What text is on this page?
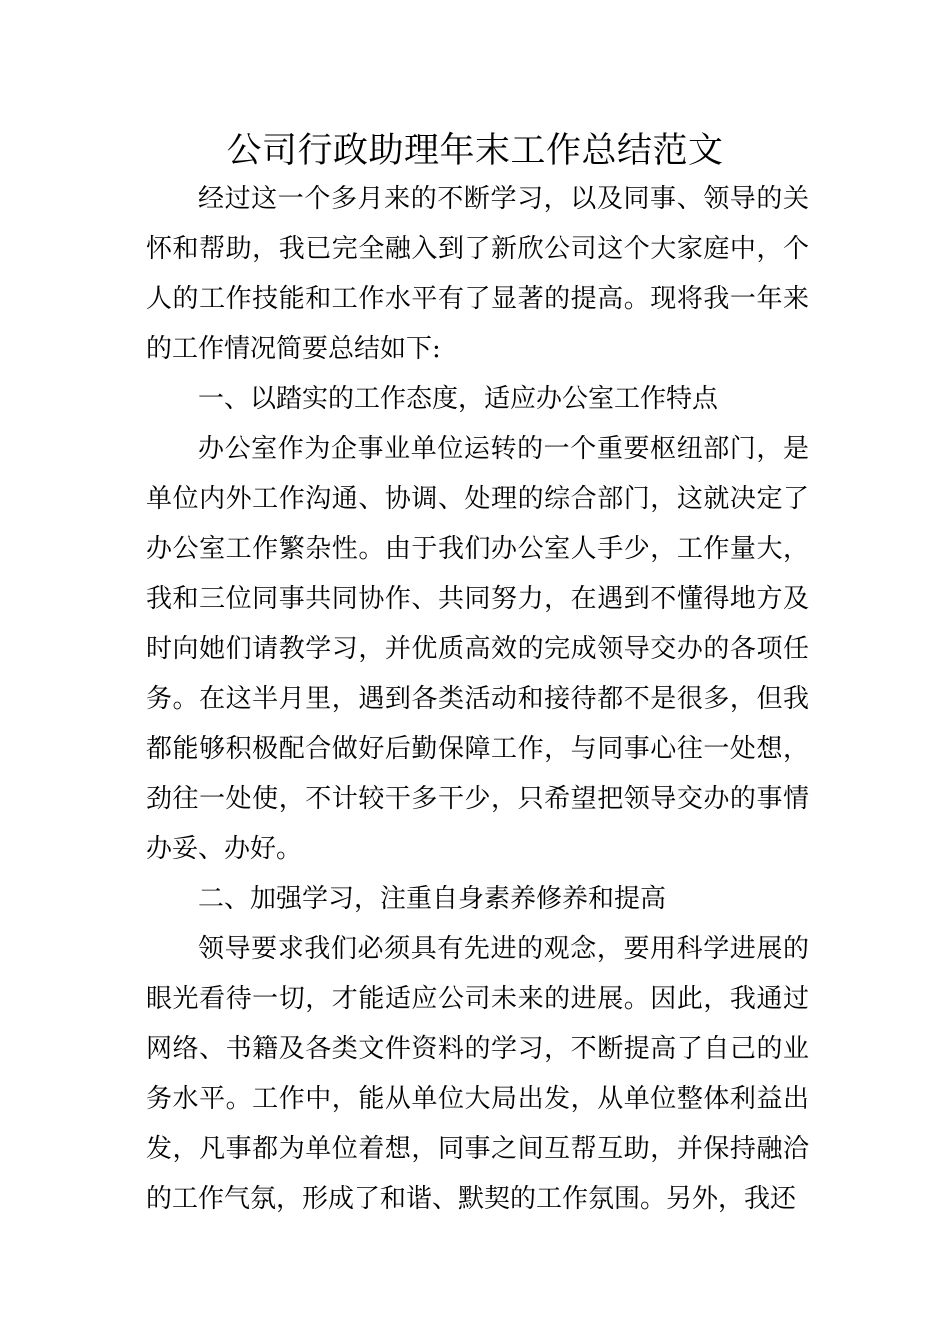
公司行政助理年末工作总结范文

经过这一个多月来的不断学习，以及同事、领导的关怀和帮助，我已完全融入到了新欣公司这个大家庭中，个人的工作技能和工作水平有了显著的提高。现将我一年来的工作情况简要总结如下:

一、以踏实的工作态度，适应办公室工作特点

办公室作为企事业单位运转的一个重要枢纽部门，是单位内外工作沟通、协调、处理的综合部门，这就决定了办公室工作繁杂性。由于我们办公室人手少，工作量大，我和三位同事共同协作、共同努力，在遇到不懂得地方及时向她们请教学习，并优质高效的完成领导交办的各项任务。在这半月里，遇到各类活动和接待都不是很多，但我都能够积极配合做好后勤保障工作，与同事心往一处想，劲往一处使，不计较干多干少，只希望把领导交办的事情办妥、办好。

二、加强学习，注重自身素养修养和提高

领导要求我们必须具有先进的观念，要用科学进展的眼光看待一切，才能适应公司未来的进展。因此，我通过网络、书籍及各类文件资料的学习，不断提高了自己的业务水平。工作中，能从单位大局出发，从单位整体利益出发，凡事都为单位着想，同事之间互帮互助，并保持融洽的工作气氛，形成了和谐、默契的工作氛围。另外，我还
